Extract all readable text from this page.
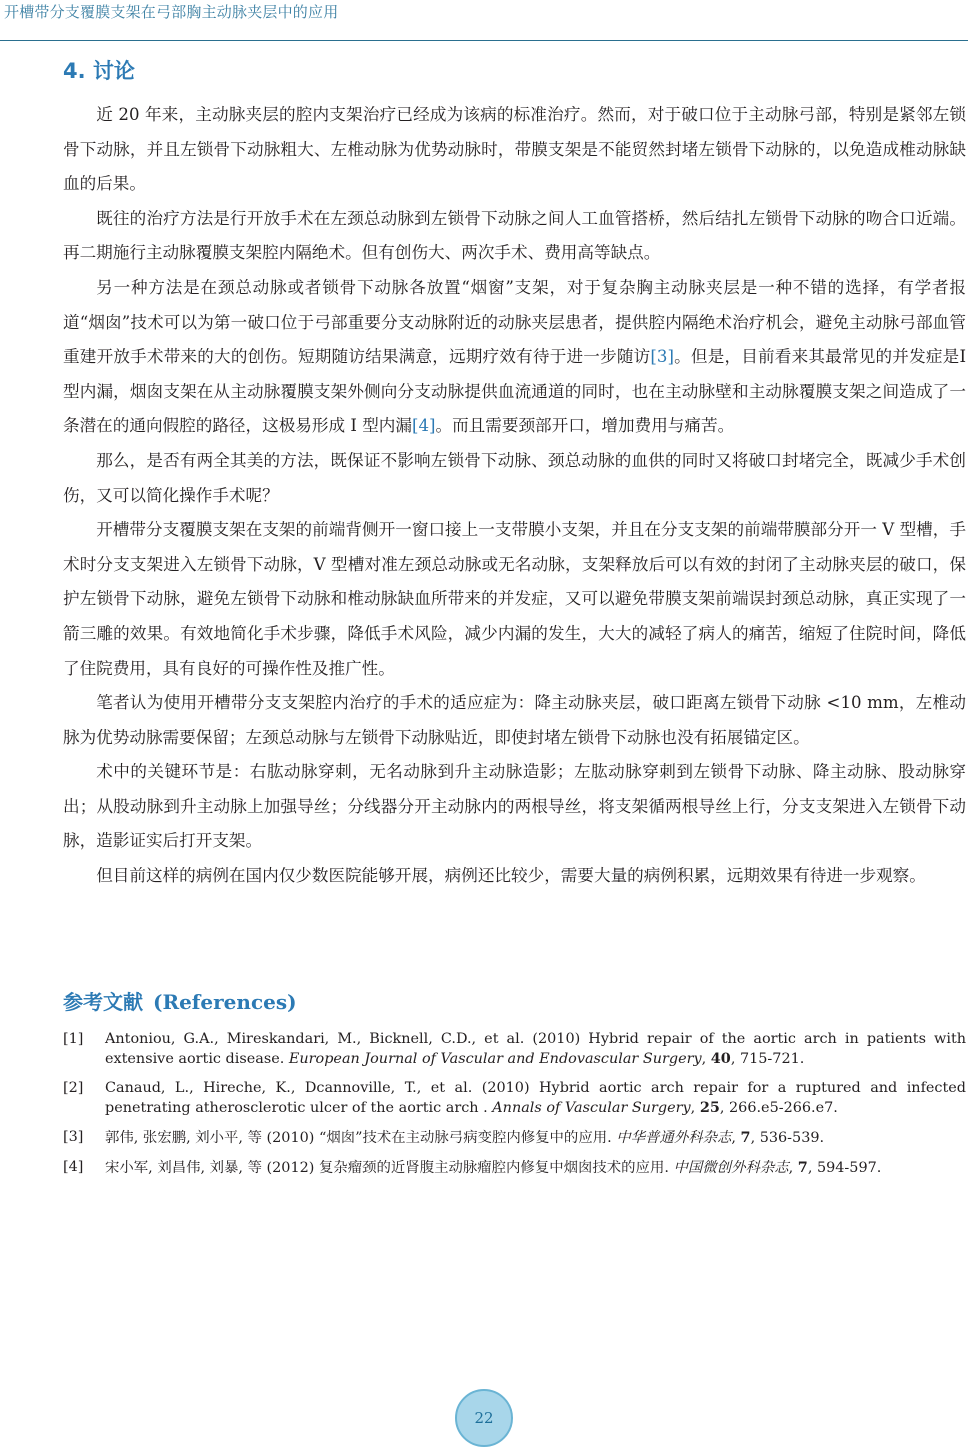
开槽带分支覆膜支架在弓部胸主动脉夹层中的应用
4. 讨论

近 20 年来，主动脉夹层的腔内支架治疗已经成为该病的标准治疗。然而，对于破口位于主动脉弓部，特别是紧邻左锁骨下动脉，并且左锁骨下动脉粗大、左椎动脉为优势动脉时，带膜支架是不能贸然封堵左锁骨下动脉的，以免造成椎动脉缺血的后果。

既往的治疗方法是行开放手术在左颈总动脉到左锁骨下动脉之间人工血管搭桥，然后结扎左锁骨下动脉的吻合口近端。再二期施行主动脉覆膜支架腔内隔绝术。但有创伤大、两次手术、费用高等缺点。

另一种方法是在颈总动脉或者锁骨下动脉各放置“烟窗”支架，对于复杂胸主动脉夹层是一种不错的选择，有学者报道“烟囱”技术可以为第一破口位于弓部重要分支动脉附近的动脉夹层患者，提供腔内隔绝术治疗机会，避免主动脉弓部血管重建开放手术带来的大的创伤。短期随访结果满意，远期疗效有待于进一步随访[3]。但是，目前看来其最常见的并发症是Ⅰ型内漏，烟囱支架在从主动脉覆膜支架外侧向分支动脉提供血流通道的同时，也在主动脉壁和主动脉覆膜支架之间造成了一条潜在的通向假腔的路径，这极易形成 I 型内漏[4]。而且需要颈部开口，增加费用与痛苦。

那么，是否有两全其美的方法，既保证不影响左锁骨下动脉、颈总动脉的血供的同时又将破口封堵完全，既减少手术创伤，又可以简化操作手术呢？

开槽带分支覆膜支架在支架的前端背侧开一窗口接上一支带膜小支架，并且在分支支架的前端带膜部分开一 V 型槽，手术时分支支架进入左锁骨下动脉，V 型槽对准左颈总动脉或无名动脉，支架释放后可以有效的封闭了主动脉夹层的破口，保护左锁骨下动脉，避免左锁骨下动脉和椎动脉缺血所带来的并发症，又可以避免带膜支架前端误封颈总动脉，真正实现了一箭三雕的效果。有效地简化手术步骤，降低手术风险，减少内漏的发生，大大的减轻了病人的痛苦，缩短了住院时间，降低了住院费用，具有良好的可操作性及推广性。

笔者认为使用开槽带分支支架腔内治疗的手术的适应症为：降主动脉夹层，破口距离左锁骨下动脉 <10 mm，左椎动脉为优势动脉需要保留；左颈总动脉与左锁骨下动脉贴近，即使封堵左锁骨下动脉也没有拓展锚定区。

术中的关键环节是：右肱动脉穿刺，无名动脉到升主动脉造影；左肱动脉穿刺到左锁骨下动脉、降主动脉、股动脉穿出；从股动脉到升主动脉上加强导丝；分线器分开主动脉内的两根导丝，将支架循两根导丝上行，分支支架进入左锁骨下动脉，造影证实后打开支架。

但目前这样的病例在国内仅少数医院能够开展，病例还比较少，需要大量的病例积累，远期效果有待进一步观察。

参考文献 (References)
[1] Antoniou, G.A., Mireskandari, M., Bicknell, C.D., et al. (2010) Hybrid repair of the aortic arch in patients with extensive aortic disease. European Journal of Vascular and Endovascular Surgery, 40, 715-721.
[2] Canaud, L., Hireche, K., Dcannoville, T., et al. (2010) Hybrid aortic arch repair for a ruptured and infected penetrating atherosclerotic ulcer of the aortic arch . Annals of Vascular Surgery, 25, 266.e5-266.e7.
[3] 郭伟, 张宏鹏, 刘小平, 等 (2010) “烟囱”技术在主动脉弓病变腔内修复中的应用. 中华普通外科杂志, 7, 536-539.
[4] 宋小军, 刘昌伟, 刘暴, 等 (2012) 复杂瘤颈的近肾腹主动脉瘤腔内修复中烟囱技术的应用. 中国微创外科杂志, 7, 594-597.
22
